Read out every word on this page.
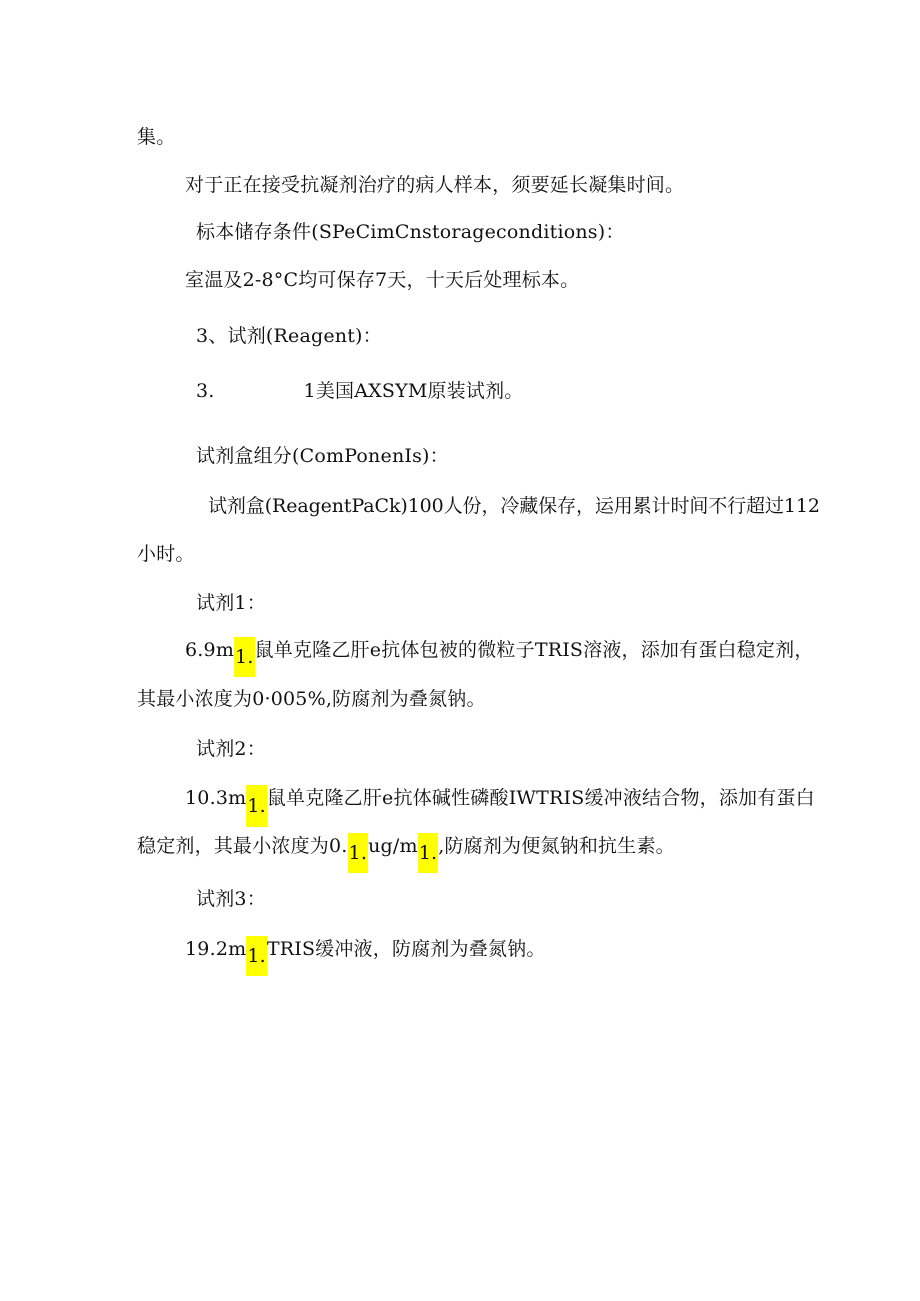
集。
对于正在接受抗凝剂治疗的病人样本，须要延长凝集时间。
标本储存条件(SPeCimCnstorageconditions)：
室温及2-8°C均可保存7天，十天后处理标本。
3、试剂(Reagent)：
3.	1美国AXSYM原装试剂。
试剂盒组分(ComPonenIs)：
试剂盒(ReagentPaCk)100人份，冷藏保存，运用累计时间不行超过112
小时。
试剂1：
6.9m1.鼠单克隆乙肝e抗体包被的微粒子TRIS溶液，添加有蛋白稳定剂，
其最小浓度为0·005%,防腐剂为叠氮钠。
试剂2：
10.3m1.鼠单克隆乙肝e抗体碱性磷酸IWTRIS缓冲液结合物，添加有蛋白
稳定剂，其最小浓度为0.1.ug/m1.,防腐剂为便氮钠和抗生素。
试剂3：
19.2m1.TRIS缓冲液，防腐剂为叠氮钠。
